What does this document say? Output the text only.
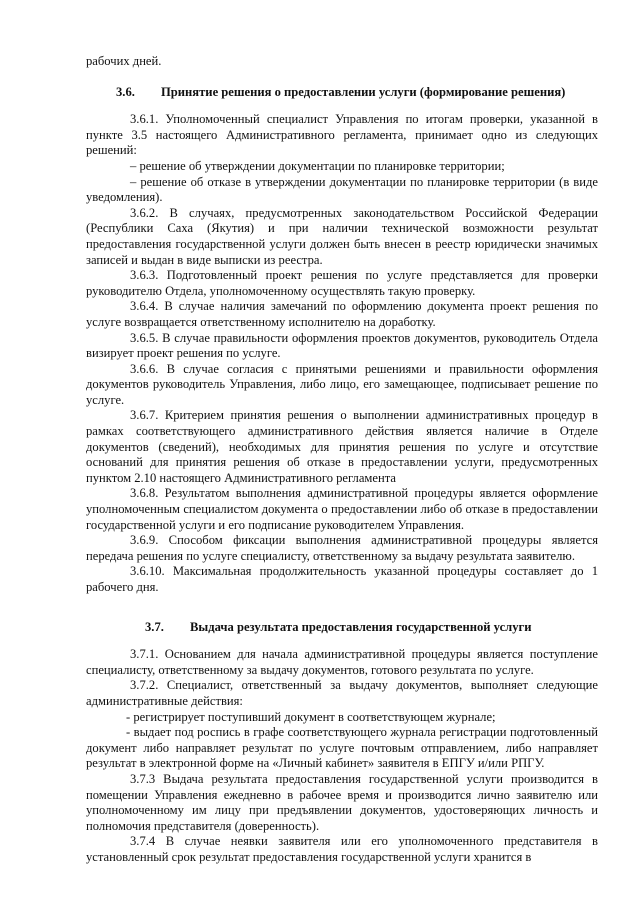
рабочих дней.

3.6.	Принятие решения о предоставлении услуги (формирование решения)

3.6.1. Уполномоченный специалист Управления по итогам проверки, указанной в пункте 3.5 настоящего Административного регламента, принимает одно из следующих решений:

– решение об утверждении документации по планировке территории;

– решение об отказе в утверждении документации по планировке территории (в виде уведомления).

3.6.2. В случаях, предусмотренных законодательством Российской Федерации (Республики Саха (Якутия) и при наличии технической возможности результат предоставления государственной услуги должен быть внесен в реестр юридически значимых записей и выдан в виде выписки из реестра.

3.6.3. Подготовленный проект решения по услуге представляется для проверки руководителю Отдела, уполномоченному осуществлять такую проверку.

3.6.4. В случае наличия замечаний по оформлению документа проект решения по услуге возвращается ответственному исполнителю на доработку.

3.6.5. В случае правильности оформления проектов документов, руководитель Отдела визирует проект решения по услуге.

3.6.6. В случае согласия с принятыми решениями и правильности оформления документов руководитель Управления, либо лицо, его замещающее, подписывает решение по услуге.

3.6.7. Критерием принятия решения о выполнении административных процедур в рамках соответствующего административного действия является наличие в Отделе документов (сведений), необходимых для принятия решения по услуге и отсутствие оснований для принятия решения об отказе в предоставлении услуги, предусмотренных пунктом 2.10 настоящего Административного регламента

3.6.8. Результатом выполнения административной процедуры является оформление уполномоченным специалистом документа о предоставлении либо об отказе в предоставлении государственной услуги и его подписание руководителем Управления.

3.6.9. Способом фиксации выполнения административной процедуры является передача решения по услуге специалисту, ответственному за выдачу результата заявителю.

3.6.10. Максимальная продолжительность указанной процедуры составляет до 1 рабочего дня.

3.7.	Выдача результата предоставления государственной услуги

3.7.1. Основанием для начала административной процедуры является поступление специалисту, ответственному за выдачу документов, готового результата по услуге.

3.7.2. Специалист, ответственный за выдачу документов, выполняет следующие административные действия:

- регистрирует поступивший документ в соответствующем журнале;

- выдает под роспись в графе соответствующего журнала регистрации подготовленный документ либо направляет результат по услуге почтовым отправлением, либо направляет результат в электронной форме на «Личный кабинет» заявителя в ЕПГУ и/или РПГУ.

3.7.3 Выдача результата предоставления государственной услуги производится в помещении Управления ежедневно в рабочее время и производится лично заявителю или уполномоченному им лицу при предъявлении документов, удостоверяющих личность и полномочия представителя (доверенность).

3.7.4 В случае неявки заявителя или его уполномоченного представителя в установленный срок результат предоставления государственной услуги хранится в
